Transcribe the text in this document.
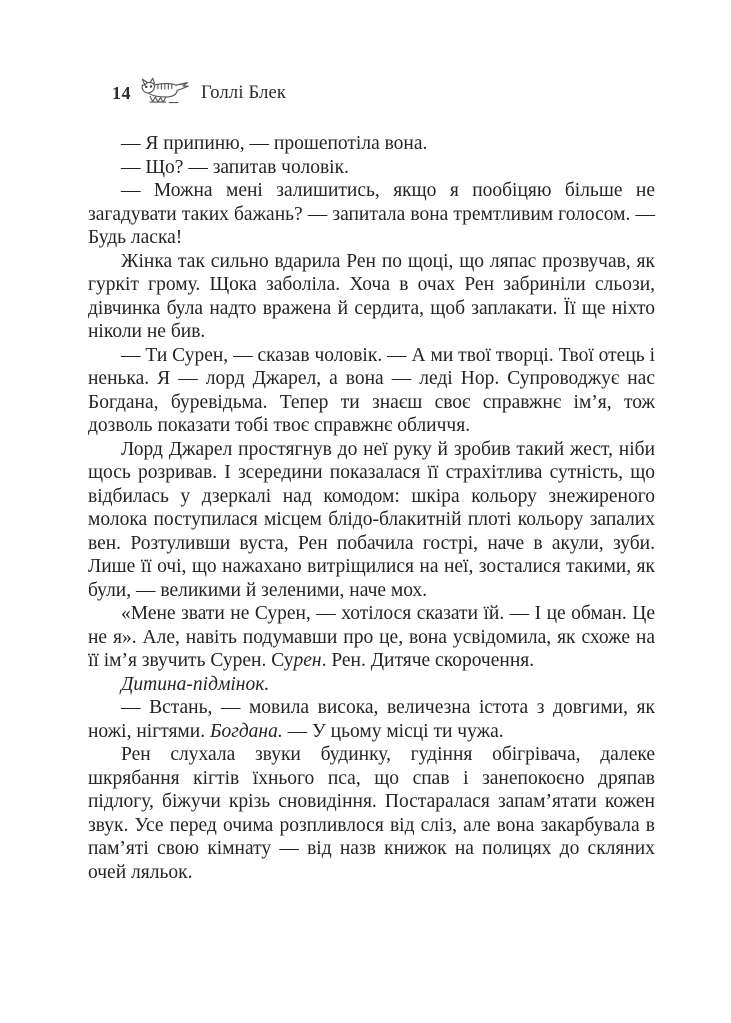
14	Голлі Блек

— Я припиню, — прошепотіла вона.

— Що? — запитав чоловік.

— Можна мені залишитись, якщо я пообіцяю більше не загадувати таких бажань? — запитала вона тремтливим голосом. — Будь ласка!

Жінка так сильно вдарила Рен по щоці, що ляпас прозвучав, як гуркіт грому. Щока заболіла. Хоча в очах Рен забриніли сльози, дівчинка була надто вражена й сердита, щоб заплакати. Її ще ніхто ніколи не бив.

— Ти Сурен, — сказав чоловік. — А ми твої творці. Твої отець і ненька. Я — лорд Джарел, а вона — леді Нор. Супроводжує нас Богдана, буревідьма. Тепер ти знаєш своє справжнє ім’я, тож дозволь показати тобі твоє справжнє обличчя.

Лорд Джарел простягнув до неї руку й зробив такий жест, ніби щось розривав. І зсередини показалася її страхітлива сутність, що відбилась у дзеркалі над комодом: шкіра кольору знежиреного молока поступилася місцем блідо-блакитній плоті кольору запалих вен. Розтуливши вуста, Рен побачила гострі, наче в акули, зуби. Лише її очі, що нажахано витріщилися на неї, зосталися такими, як були, — великими й зеленими, наче мох.

«Мене звати не Сурен, — хотілося сказати їй. — І це обман. Це не я». Але, навіть подумавши про це, вона усвідомила, як схоже на її ім’я звучить Сурен. Сурен. Рен. Дитяче скорочення.

Дитина-підмінок.

— Встань, — мовила висока, величезна істота з довгими, як ножі, нігтями. Богдана. — У цьому місці ти чужа.

Рен слухала звуки будинку, гудіння обігрівача, далеке шкрябання кігтів їхнього пса, що спав і занепокоєно дряпав підлогу, біжучи крізь сновидіння. Постаралася запам’ятати кожен звук. Усе перед очима розпливлося від сліз, але вона закарбувала в пам’яті свою кімнату — від назв книжок на полицях до скляних очей ляльок.
